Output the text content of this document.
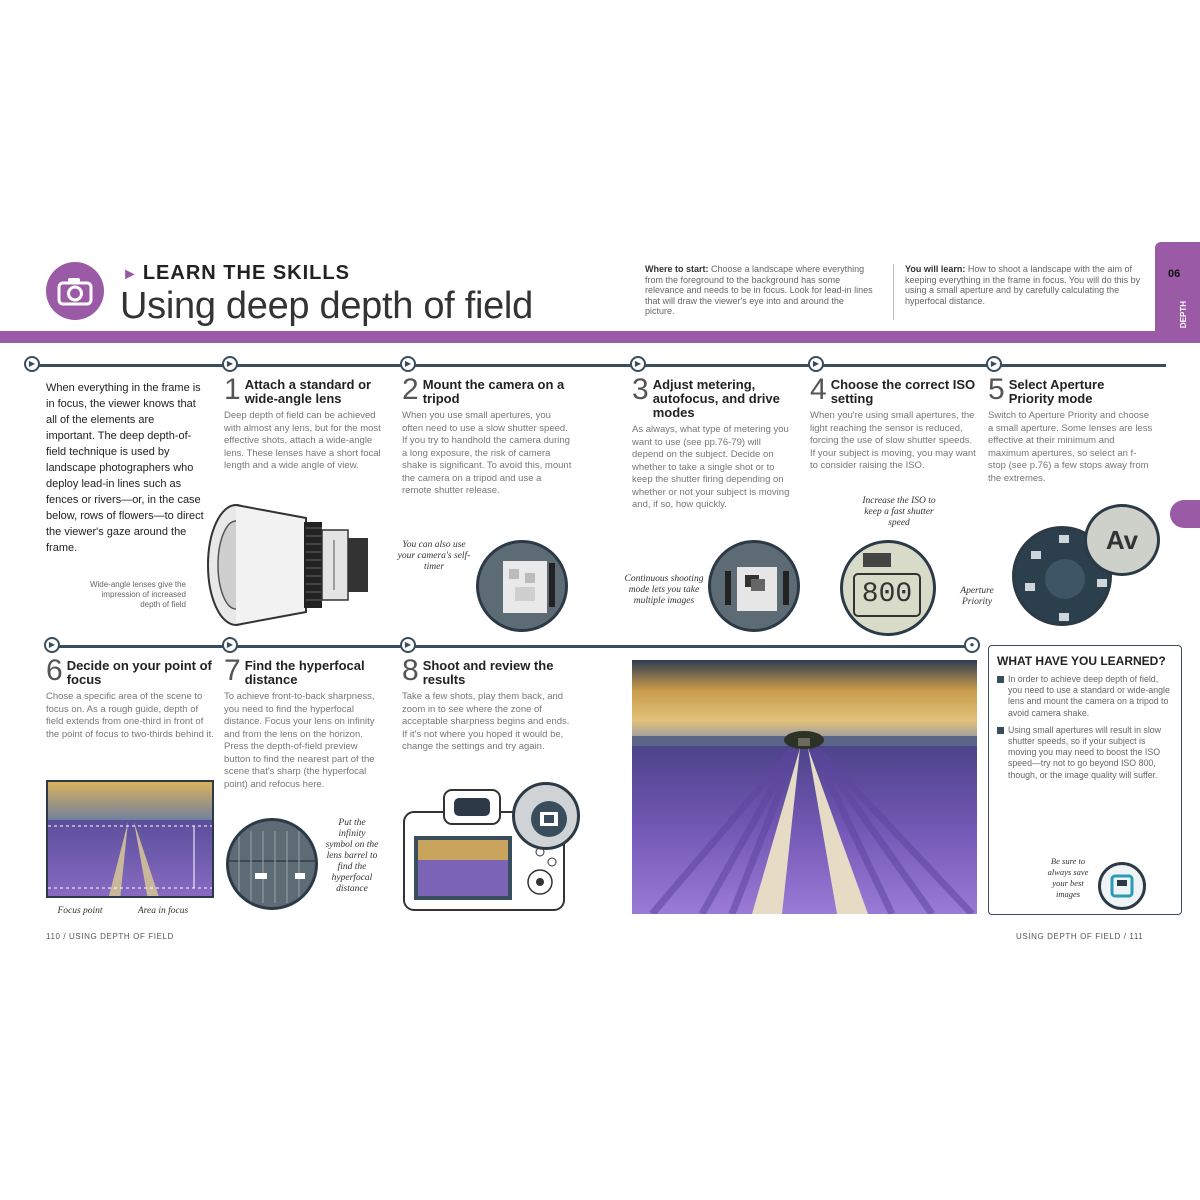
► LEARN THE SKILLS
Using deep depth of field
Where to start: Choose a landscape where everything from the foreground to the background has some relevance and needs to be in focus. Look for lead-in lines that will draw the viewer's eye into and around the picture.
You will learn: How to shoot a landscape with the aim of keeping everything in the frame in focus. You will do this by using a small aperture and by carefully calculating the hyperfocal distance.
06
DEPTH
▶	▶	▶	▶	▶	▶
▶	▶	▶	●
When everything in the frame is in focus, the viewer knows that all of the elements are important. The deep depth-of-field technique is used by landscape photographers who deploy lead-in lines such as fences or rivers—or, in the case below, rows of flowers—to direct the viewer's gaze around the frame.
Wide-angle lenses give the impression of increased depth of field
1 Attach a standard or wide-angle lens
Deep depth of field can be achieved with almost any lens, but for the most effective shots, attach a wide-angle lens. These lenses have a short focal length and a wide angle of view.
2 Mount the camera on a tripod
When you use small apertures, you often need to use a slow shutter speed. If you try to handhold the camera during a long exposure, the risk of camera shake is significant. To avoid this, mount the camera on a tripod and use a remote shutter release.
You can also use your camera's self-timer
3 Adjust metering, autofocus, and drive modes
As always, what type of metering you want to use (see pp.76-79) will depend on the subject. Decide on whether to take a single shot or to keep the shutter firing depending on whether or not your subject is moving and, if so, how quickly.
Continuous shooting mode lets you take multiple images
4 Choose the correct ISO setting
When you're using small apertures, the light reaching the sensor is reduced, forcing the use of slow shutter speeds. If your subject is moving, you may want to consider raising the ISO.
Increase the ISO to keep a fast shutter speed
800
5 Select Aperture Priority mode
Switch to Aperture Priority and choose a small aperture. Some lenses are less effective at their minimum and maximum apertures, so select an f-stop (see p.76) a few stops away from the extremes.
Aperture Priority
Av
6 Decide on your point of focus
Chose a specific area of the scene to focus on. As a rough guide, depth of field extends from one-third in front of the point of focus to two-thirds behind it.
Focus point	Area in focus
7 Find the hyperfocal distance
To achieve front-to-back sharpness, you need to find the hyperfocal distance. Focus your lens on infinity and from the lens on the horizon. Press the depth-of-field preview button to find the nearest part of the scene that's sharp (the hyperfocal point) and refocus here.
Put the infinity symbol on the lens barrel to find the hyperfocal distance
8 Shoot and review the results
Take a few shots, play them back, and zoom in to see where the zone of acceptable sharpness begins and ends. If it's not where you hoped it would be, change the settings and try again.
WHAT HAVE YOU LEARNED?
In order to achieve deep depth of field, you need to use a standard or wide-angle lens and mount the camera on a tripod to avoid camera shake.
Using small apertures will result in slow shutter speeds, so if your subject is moving you may need to boost the ISO speed—try not to go beyond ISO 800, though, or the image quality will suffer.
Be sure to always save your best images
110 / USING DEPTH OF FIELD	USING DEPTH OF FIELD / 111
